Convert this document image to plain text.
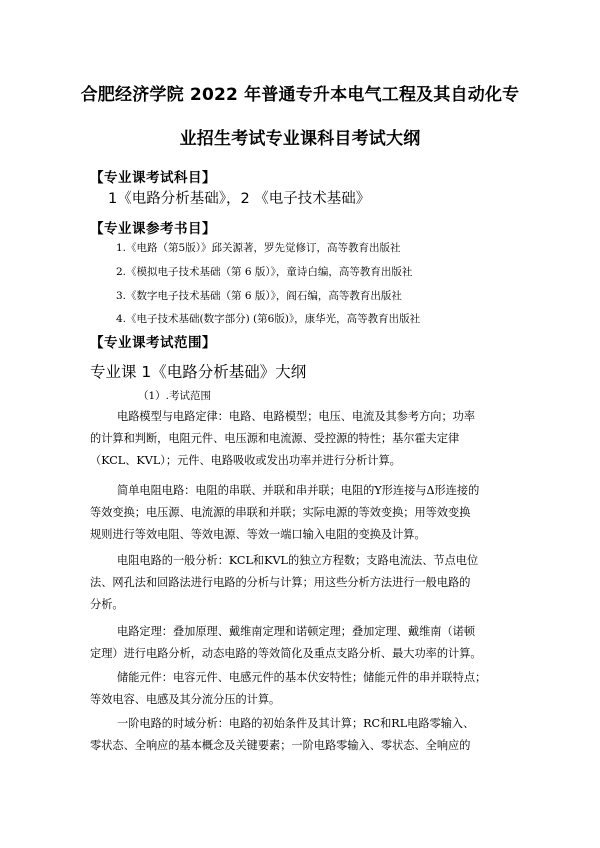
合肥经济学院 2022 年普通专升本电气工程及其自动化专
业招生考试专业课科目考试大纲
【专业课考试科目】
1《电路分析基础》，2 《电子技术基础》
【专业课参考书目】
1.《电路（第5版）》邱关源著，罗先觉修订，高等教育出版社
2.《模拟电子技术基础（第 6 版）》，童诗白编，高等教育出版社
3.《数字电子技术基础（第 6 版）》，阎石编，高等教育出版社
4.《电子技术基础(数字部分) (第6版)》，康华光，高等教育出版社
【专业课考试范围】
专业课 1《电路分析基础》大纲
（1）.考试范围
电路模型与电路定律：电路、电路模型；电压、电流及其参考方向；功率
的计算和判断，电阻元件、电压源和电流源、受控源的特性；基尔霍夫定律
（KCL、KVL）；元件、电路吸收或发出功率并进行分析计算。
简单电阻电路：电阻的串联、并联和串并联；电阻的Y形连接与Δ形连接的
等效变换；电压源、电流源的串联和并联；实际电源的等效变换；用等效变换
规则进行等效电阻、等效电源、等效一端口输入电阻的变换及计算。
电阻电路的一般分析：KCL和KVL的独立方程数；支路电流法、节点电位
法、网孔法和回路法进行电路的分析与计算；用这些分析方法进行一般电路的
分析。
电路定理：叠加原理、戴维南定理和诺顿定理；叠加定理、戴维南（诺顿
定理）进行电路分析，动态电路的等效简化及重点支路分析、最大功率的计算。
储能元件：电容元件、电感元件的基本伏安特性；储能元件的串并联特点；
等效电容、电感及其分流分压的计算。
一阶电路的时域分析：电路的初始条件及其计算；RC和RL电路零输入、
零状态、全响应的基本概念及关键要素；一阶电路零输入、零状态、全响应的
